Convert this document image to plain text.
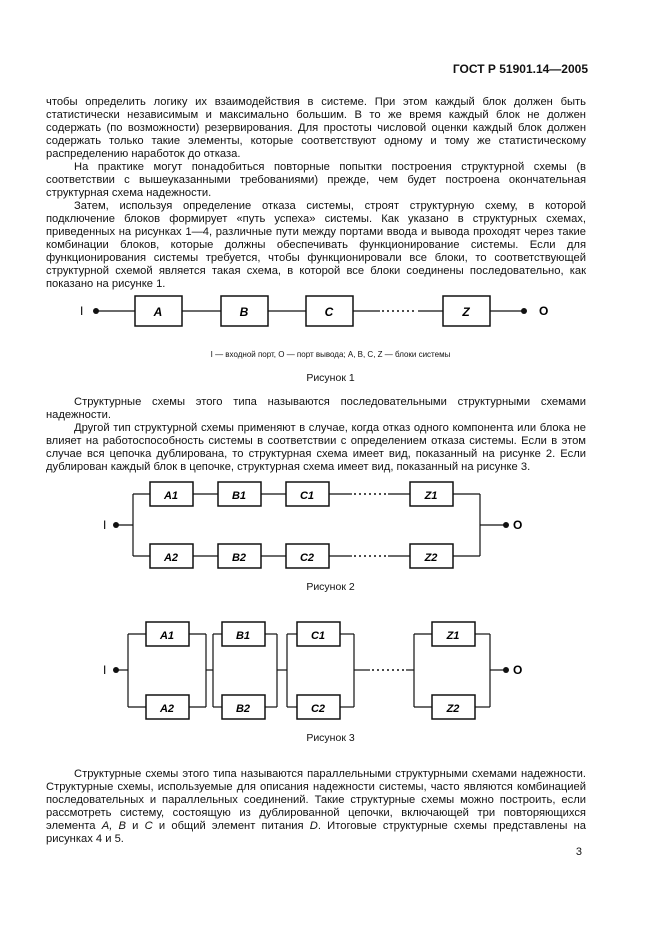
ГОСТ Р 51901.14—2005

чтобы определить логику их взаимодействия в системе. При этом каждый блок должен быть статистически независимым и максимально большим. В то же время каждый блок не должен содержать (по возможности) резервирования. Для простоты числовой оценки каждый блок должен содержать только такие элементы, которые соответствуют одному и тому же статистическому распределению наработок до отказа.

На практике могут понадобиться повторные попытки построения структурной схемы (в соответствии с вышеуказанными требованиями) прежде, чем будет построена окончательная структурная схема надежности.

Затем, используя определение отказа системы, строят структурную схему, в которой подключение блоков формирует «путь успеха» системы. Как указано в структурных схемах, приведенных на рисунках 1—4, различные пути между портами ввода и вывода проходят через такие комбинации блоков, которые должны обеспечивать функционирование системы. Если для функционирования системы требуется, чтобы функционировали все блоки, то соответствующей структурной схемой является такая схема, в которой все блоки соединены последовательно, как показано на рисунке 1.

I	A	B	C	Z	O
I — входной порт, O — порт вывода; A, B, C, Z — блоки системы
Рисунок 1

Структурные схемы этого типа называются последовательными структурными схемами надежности.

Другой тип структурной схемы применяют в случае, когда отказ одного компонента или блока не влияет на работоспособность системы в соответствии с определением отказа системы. Если в этом случае вся цепочка дублирована, то структурная схема имеет вид, показанный на рисунке 2. Если дублирован каждый блок в цепочке, структурная схема имеет вид, показанный на рисунке 3.

I
A1	B1	C1	Z1
A2	B2	C2	Z2
O
Рисунок 2
I
A1
A2
B1
B2
C1
C2
Z1
Z2
O
Рисунок 3

Структурные схемы этого типа называются параллельными структурными схемами надежности. Структурные схемы, используемые для описания надежности системы, часто являются комбинацией последовательных и параллельных соединений. Такие структурные схемы можно построить, если рассмотреть систему, состоящую из дублированной цепочки, включающей три повторяющихся элемента A, B и C и общий элемент питания D. Итоговые структурные схемы представлены на рисунках 4 и 5.

3
